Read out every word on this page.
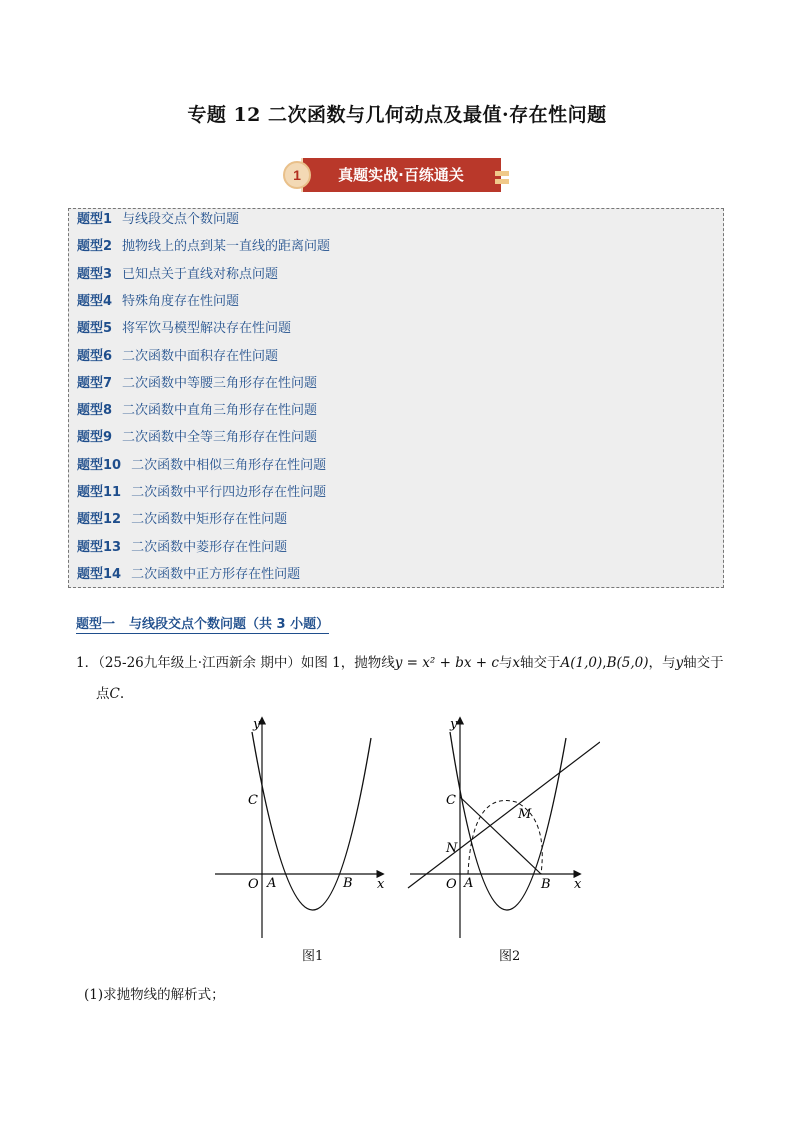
专题 12 二次函数与几何动点及最值·存在性问题
1	真题实战·百练通关
题型1 与线段交点个数问题
题型2 抛物线上的点到某一直线的距离问题
题型3 已知点关于直线对称点问题
题型4 特殊角度存在性问题
题型5 将军饮马模型解决存在性问题
题型6 二次函数中面积存在性问题
题型7 二次函数中等腰三角形存在性问题
题型8 二次函数中直角三角形存在性问题
题型9 二次函数中全等三角形存在性问题
题型10 二次函数中相似三角形存在性问题
题型11 二次函数中平行四边形存在性问题
题型12 二次函数中矩形存在性问题
题型13 二次函数中菱形存在性问题
题型14 二次函数中正方形存在性问题
题型一 与线段交点个数问题（共 3 小题）
1．（25-26九年级上·江西新余 期中）如图 1，抛物线y = x² + bx + c与x轴交于A(1,0),B(5,0)，与y轴交于
点C.
y
x
O A	B
C
图1
y
x
O A	B
C
M
N
图2
(1)求抛物线的解析式；
